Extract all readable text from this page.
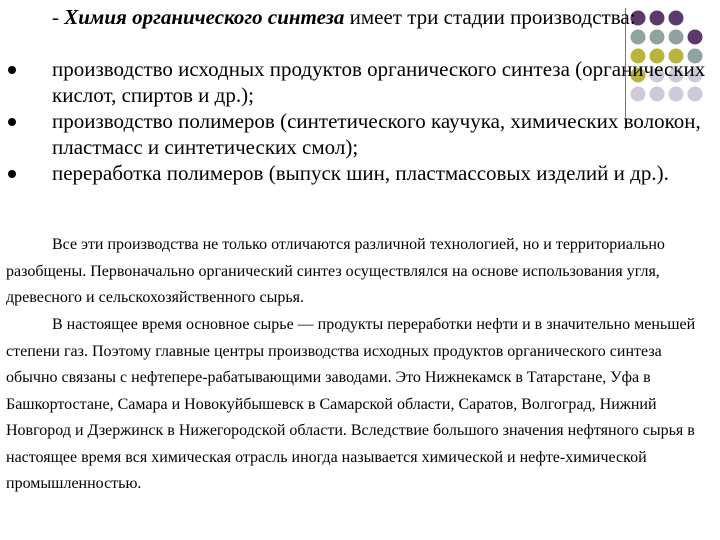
- Химия органического синтеза имеет три стадии производства:

производство исходных продуктов органического синтеза (органических кислот, спиртов и др.);
производство полимеров (синтетического каучука, химических волокон, пластмасс и синтетических смол);
переработка полимеров (выпуск шин, пластмассовых изделий и др.).

Все эти производства не только отличаются различной технологией, но и территориально разобщены. Первоначально органический синтез осуществлялся на основе использования угля, древесного и сельскохозяйственного сырья.

В настоящее время основное сырье — продукты переработки нефти и в значительно меньшей степени газ. Поэтому главные центры производства исходных продуктов органического синтеза обычно связаны с нефтепере-рабатывающими заводами. Это Нижнекамск в Татарстане, Уфа в Башкортостане, Самара и Новокуйбышевск в Самарской области, Саратов, Волгоград, Нижний Новгород и Дзержинск в Нижегородской области. Вследствие большого значения нефтяного сырья в настоящее время вся химическая отрасль иногда называется химической и нефте-химической промышленностью.
